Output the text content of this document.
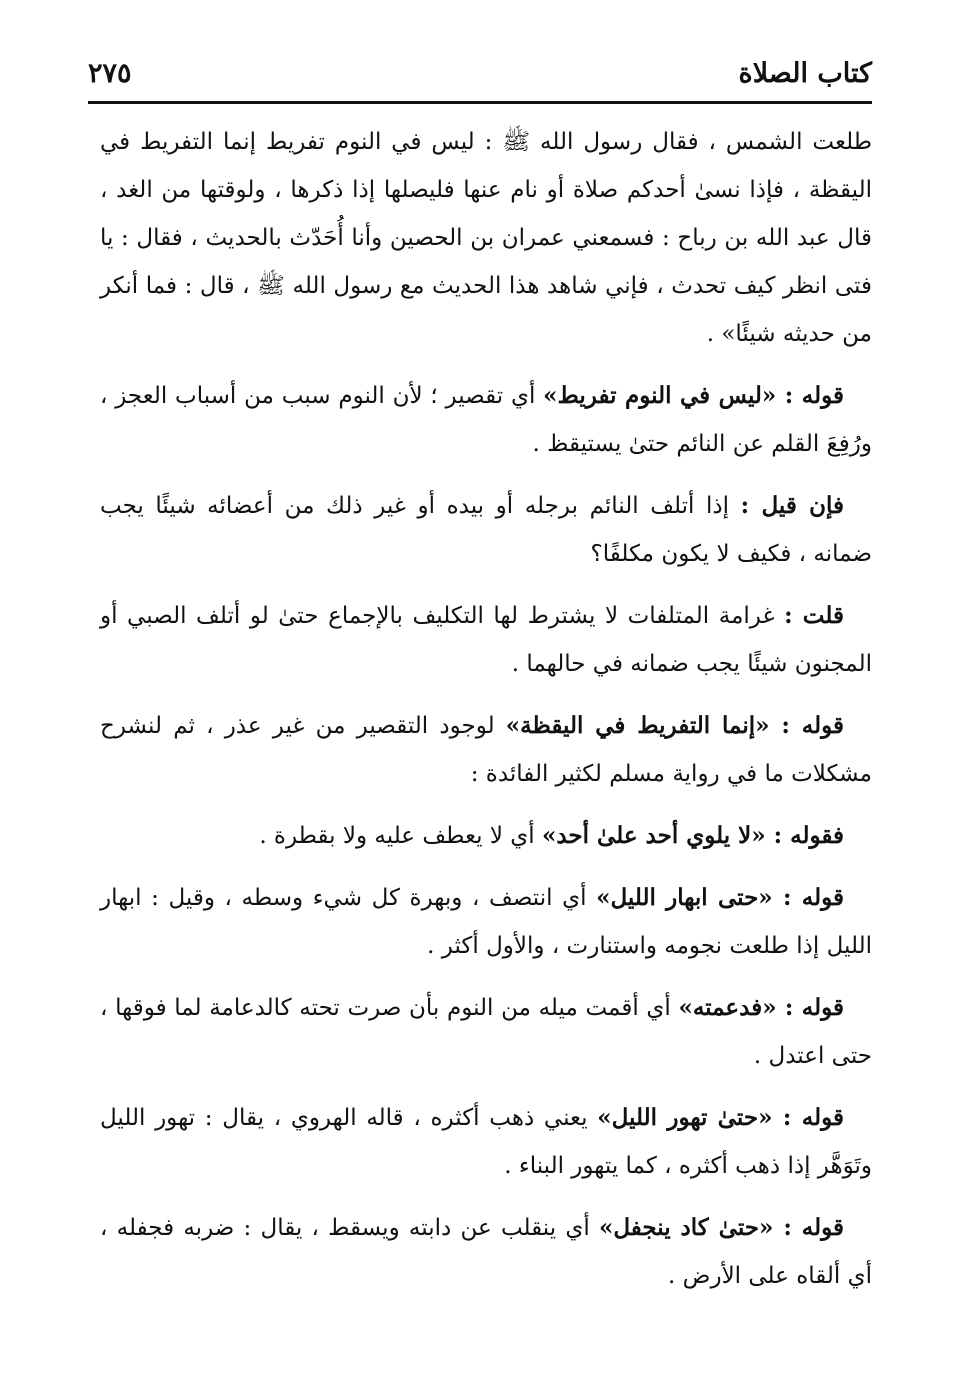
كتاب الصلاة
٢٧٥

طلعت الشمس ، فقال رسول الله ﷺ : ليس في النوم تفريط إنما التفريط في اليقظة ، فإذا نسىٰ أحدكم صلاة أو نام عنها فليصلها إذا ذكرها ، ولوقتها من الغد ، قال عبد الله بن رباح : فسمعني عمران بن الحصين وأنا أُحَدّث بالحديث ، فقال : يا فتى انظر كيف تحدث ، فإني شاهد هذا الحديث مع رسول الله ﷺ ، قال : فما أنكر من حديثه شيئًا» .

قوله : «ليس في النوم تفريط» أي تقصير ؛ لأن النوم سبب من أسباب العجز ، ورُفِعَ القلم عن النائم حتىٰ يستيقظ .

فإن قيل : إذا أتلف النائم برجله أو بيده أو غير ذلك من أعضائه شيئًا يجب ضمانه ، فكيف لا يكون مكلفًا؟

قلت : غرامة المتلفات لا يشترط لها التكليف بالإجماع حتىٰ لو أتلف الصبي أو المجنون شيئًا يجب ضمانه في حالهما .

قوله : «إنما التفريط في اليقظة» لوجود التقصير من غير عذر ، ثم لنشرح مشكلات ما في رواية مسلم لكثير الفائدة :

فقوله : «لا يلوي أحد علىٰ أحد» أي لا يعطف عليه ولا بقطرة .

قوله : «حتى ابهار الليل» أي انتصف ، وبهرة كل شيء وسطه ، وقيل : ابهار الليل إذا طلعت نجومه واستنارت ، والأول أكثر .

قوله : «فدعمته» أي أقمت ميله من النوم بأن صرت تحته كالدعامة لما فوقها ، حتى اعتدل .

قوله : «حتىٰ تهور الليل» يعني ذهب أكثره ، قاله الهروي ، يقال : تهور الليل وتَوَهَّر إذا ذهب أكثره ، كما يتهور البناء .

قوله : «حتىٰ كاد ينجفل» أي ينقلب عن دابته ويسقط ، يقال : ضربه فجفله ، أي ألقاه على الأرض .
